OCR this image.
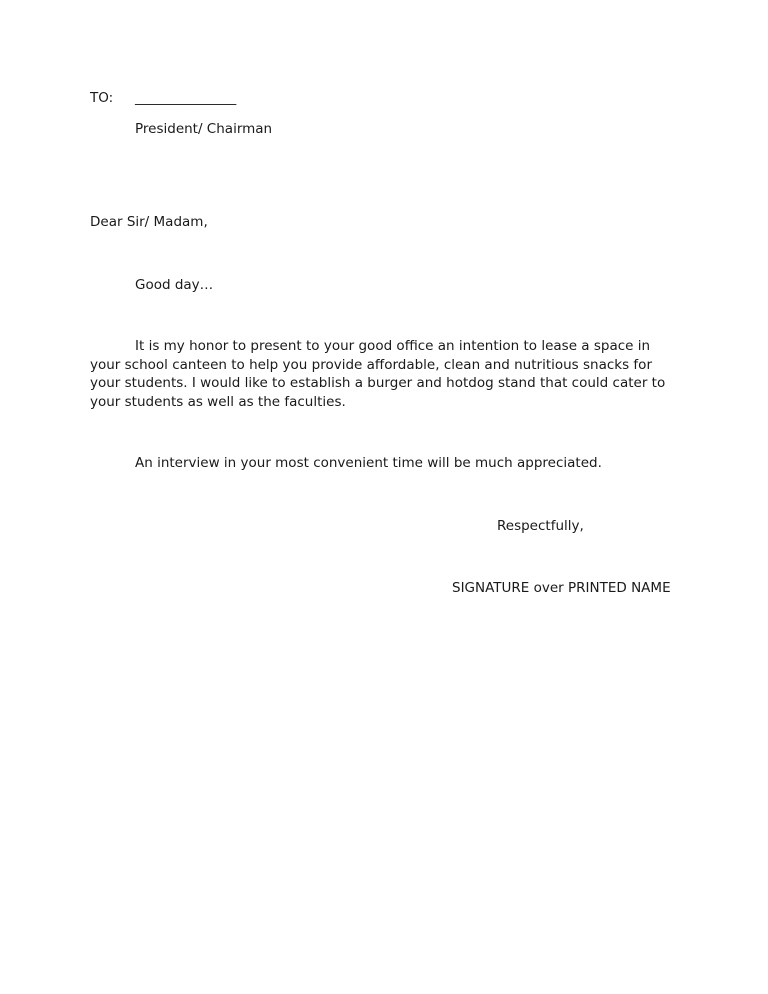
TO: _______________
President/ Chairman
Dear Sir/ Madam,
Good day…
It is my honor to present to your good office an intention to lease a space in your school canteen to help you provide affordable, clean and nutritious snacks for your students. I would like to establish a burger and hotdog stand that could cater to your students as well as the faculties.
An interview in your most convenient time will be much appreciated.
Respectfully,
SIGNATURE over PRINTED NAME
